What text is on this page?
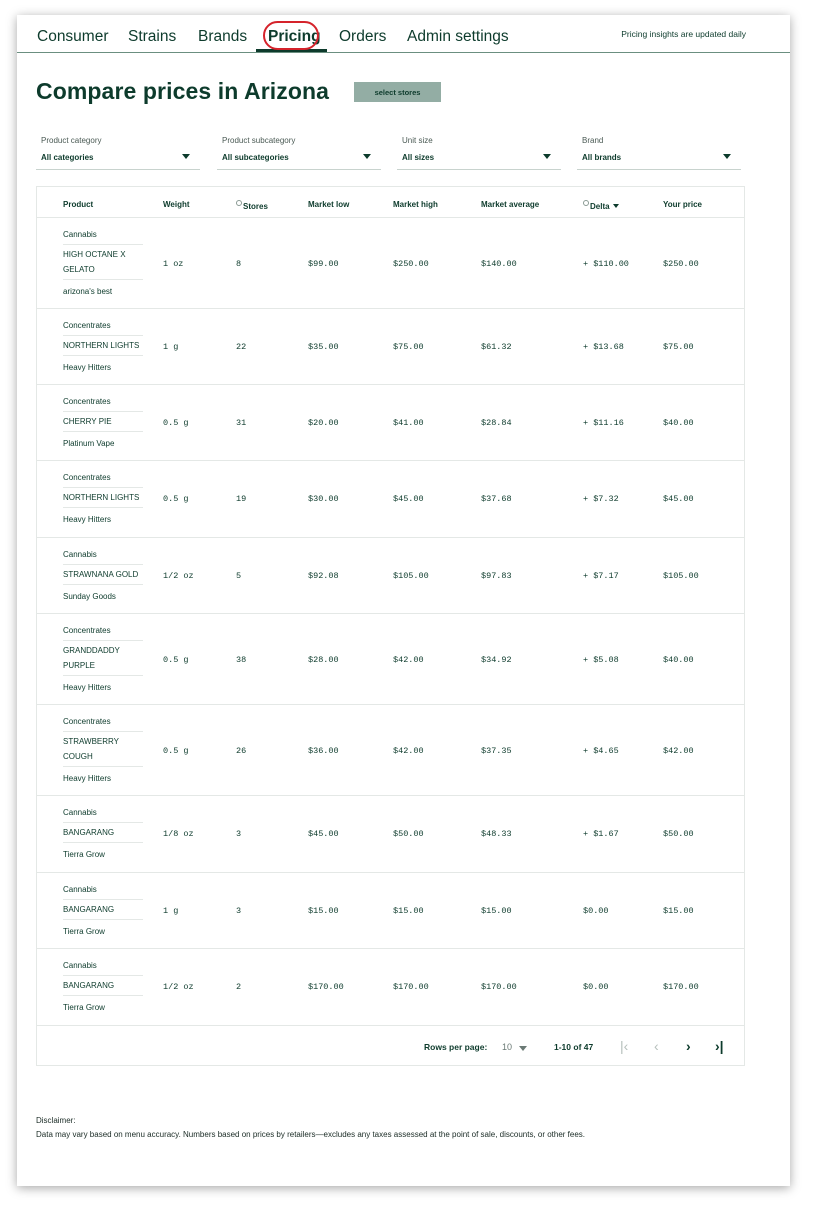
Consumer Strains Brands Pricing Orders Admin settings	Pricing insights are updated daily
Compare prices in Arizona	select stores
Product category
All categories
Product subcategory
All subcategories
Unit size
All sizes
Brand
All brands
Product	Weight	Stores	Market low	Market high	Market average	Delta	Your price
Cannabis
HIGH OCTANE X GELATO
arizona's best
1 oz	8	$99.00	$250.00	$140.00	+ $110.00	$250.00
Concentrates
NORTHERN LIGHTS
Heavy Hitters
1 g	22	$35.00	$75.00	$61.32	+ $13.68	$75.00
Concentrates
CHERRY PIE
Platinum Vape
0.5 g	31	$20.00	$41.00	$28.84	+ $11.16	$40.00
Concentrates
NORTHERN LIGHTS
Heavy Hitters
0.5 g	19	$30.00	$45.00	$37.68	+ $7.32	$45.00
Cannabis
STRAWNANA GOLD
Sunday Goods
1/2 oz	5	$92.08	$105.00	$97.83	+ $7.17	$105.00
Concentrates
GRANDDADDY PURPLE
Heavy Hitters
0.5 g	38	$28.00	$42.00	$34.92	+ $5.08	$40.00
Concentrates
STRAWBERRY COUGH
Heavy Hitters
0.5 g	26	$36.00	$42.00	$37.35	+ $4.65	$42.00
Cannabis
BANGARANG
Tierra Grow
1/8 oz	3	$45.00	$50.00	$48.33	+ $1.67	$50.00
Cannabis
BANGARANG
Tierra Grow
1 g	3	$15.00	$15.00	$15.00	$0.00	$15.00
Cannabis
BANGARANG
Tierra Grow
1/2 oz	2	$170.00	$170.00	$170.00	$0.00	$170.00
Rows per page: 10	1-10 of 47 |‹ ‹ › ›|
Disclaimer:
Data may vary based on menu accuracy. Numbers based on prices by retailers—excludes any taxes assessed at the point of sale, discounts, or other fees.
